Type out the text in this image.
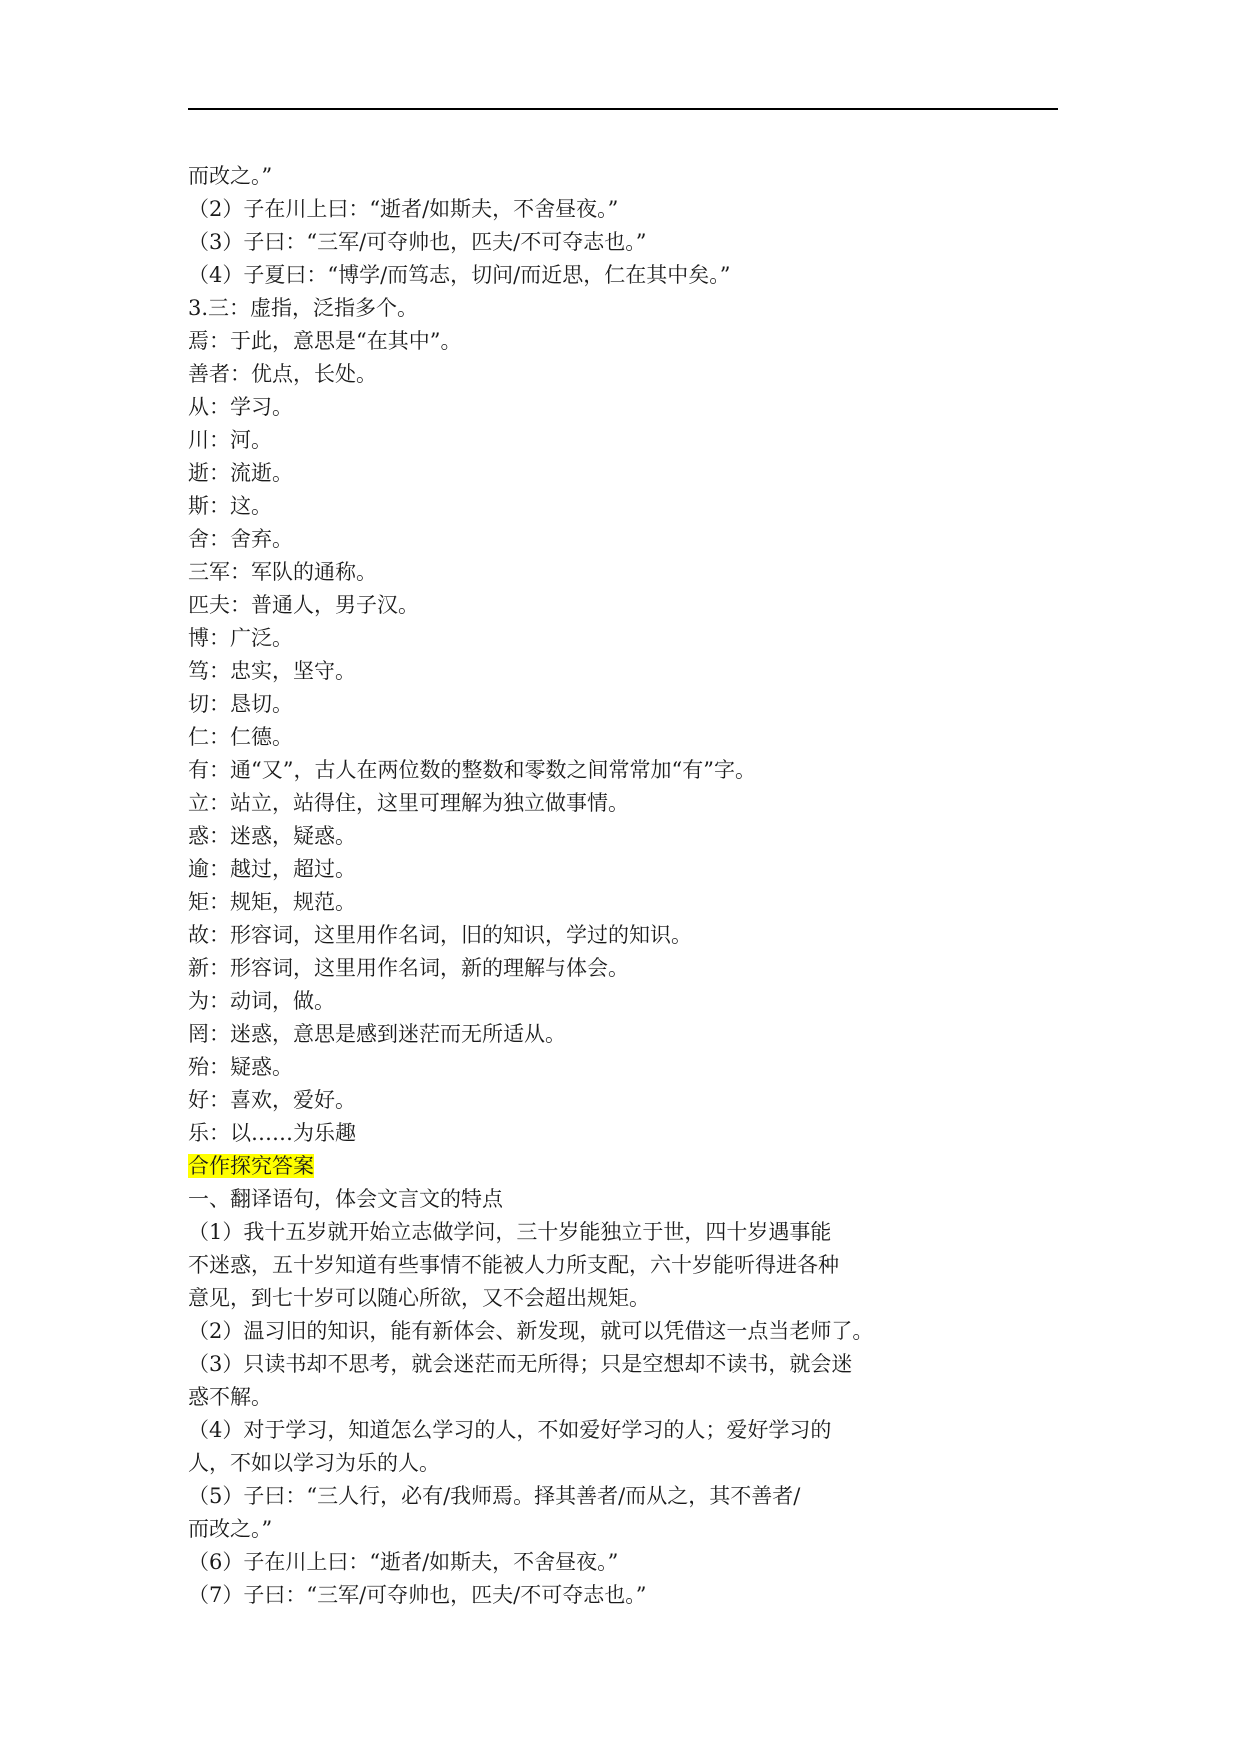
而改之。”
（2）子在川上曰：“逝者/如斯夫，不舍昼夜。”
（3）子曰：“三军/可夺帅也，匹夫/不可夺志也。”
（4）子夏曰：“博学/而笃志，切问/而近思，仁在其中矣。”
3.三：虚指，泛指多个。
焉：于此，意思是“在其中”。
善者：优点，长处。
从：学习。
川：河。
逝：流逝。
斯：这。
舍：舍弃。
三军：军队的通称。
匹夫：普通人，男子汉。
博：广泛。
笃：忠实，坚守。
切：恳切。
仁：仁德。
有：通“又”，古人在两位数的整数和零数之间常常加“有”字。
立：站立，站得住，这里可理解为独立做事情。
惑：迷惑，疑惑。
逾：越过，超过。
矩：规矩，规范。
故：形容词，这里用作名词，旧的知识，学过的知识。
新：形容词，这里用作名词，新的理解与体会。
为：动词，做。
罔：迷惑，意思是感到迷茫而无所适从。
殆：疑惑。
好：喜欢，爱好。
乐：以……为乐趣
合作探究答案
一、翻译语句，体会文言文的特点
（1）我十五岁就开始立志做学问，三十岁能独立于世，四十岁遇事能
不迷惑，五十岁知道有些事情不能被人力所支配，六十岁能听得进各种
意见，到七十岁可以随心所欲，又不会超出规矩。
（2）温习旧的知识，能有新体会、新发现，就可以凭借这一点当老师了。
（3）只读书却不思考，就会迷茫而无所得；只是空想却不读书，就会迷
惑不解。
（4）对于学习，知道怎么学习的人，不如爱好学习的人；爱好学习的
人，不如以学习为乐的人。
（5）子曰：“三人行，必有/我师焉。择其善者/而从之，其不善者/
而改之。”
（6）子在川上曰：“逝者/如斯夫，不舍昼夜。”
（7）子曰：“三军/可夺帅也，匹夫/不可夺志也。”
